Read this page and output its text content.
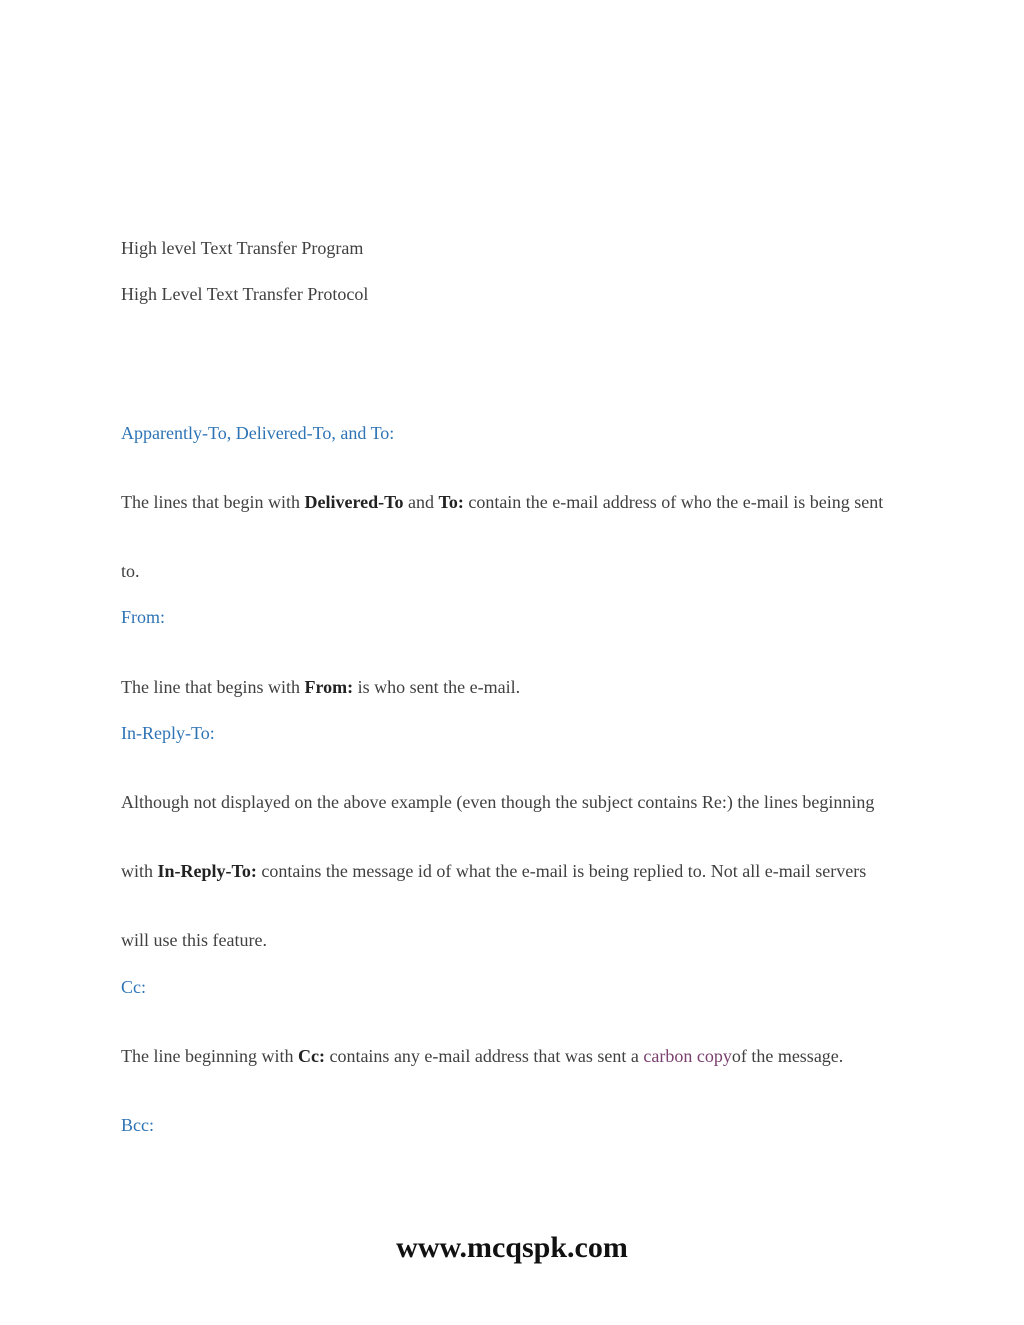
High level Text Transfer Program
High Level Text Transfer Protocol
Apparently-To, Delivered-To, and To:
The lines that begin with Delivered-To and To: contain the e-mail address of who the e-mail is being sent
to.
From:
The line that begins with From: is who sent the e-mail.
In-Reply-To:
Although not displayed on the above example (even though the subject contains Re:) the lines beginning
with In-Reply-To: contains the message id of what the e-mail is being replied to. Not all e-mail servers
will use this feature.
Cc:
The line beginning with Cc: contains any e-mail address that was sent a carbon copyof the message.
Bcc:
www.mcqspk.com
